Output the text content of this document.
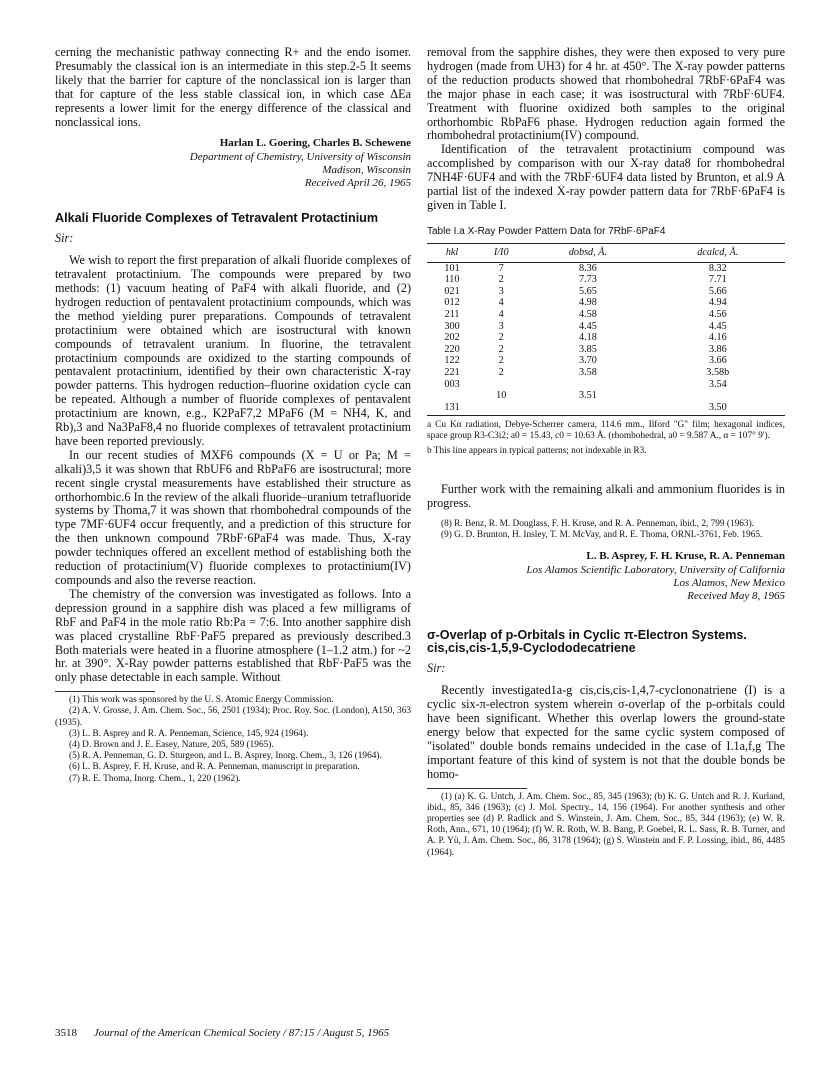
cerning the mechanistic pathway connecting R+ and the endo isomer. Presumably the classical ion is an intermediate in this step.2-5 It seems likely that the barrier for capture of the nonclassical ion is larger than that for capture of the less stable classical ion, in which case ΔEa represents a lower limit for the energy difference of the classical and nonclassical ions.

Harlan L. Goering, Charles B. Schewene
Department of Chemistry, University of Wisconsin
Madison, Wisconsin
Received April 26, 1965
Alkali Fluoride Complexes of Tetravalent Protactinium
Sir:

We wish to report the first preparation of alkali fluoride complexes of tetravalent protactinium. The compounds were prepared by two methods: (1) vacuum heating of PaF4 with alkali fluoride, and (2) hydrogen reduction of pentavalent protactinium compounds, which was the method yielding purer preparations. Compounds of tetravalent protactinium were obtained which are isostructural with known compounds of tetravalent uranium. In fluorine, the tetravalent protactinium compounds are oxidized to the starting compounds of pentavalent protactinium, identified by their own characteristic X-ray powder patterns. This hydrogen reduction–fluorine oxidation cycle can be repeated. Although a number of fluoride complexes of pentavalent protactinium are known, e.g., K2PaF7,2 MPaF6 (M = NH4, K, and Rb),3 and Na3PaF8,4 no fluoride complexes of tetravalent protactinium have been reported previously.

In our recent studies of MXF6 compounds (X = U or Pa; M = alkali)3,5 it was shown that RbUF6 and RbPaF6 are isostructural; more recent single crystal measurements have established their structure as orthorhombic.6 In the review of the alkali fluoride–uranium tetrafluoride systems by Thoma,7 it was shown that rhombohedral compounds of the type 7MF·6UF4 occur frequently, and a prediction of this structure for the then unknown compound 7RbF·6PaF4 was made. Thus, X-ray powder techniques offered an excellent method of establishing both the reduction of protactinium(V) fluoride complexes to protactinium(IV) compounds and also the reverse reaction.

The chemistry of the conversion was investigated as follows. Into a depression ground in a sapphire dish was placed a few milligrams of RbF and PaF4 in the mole ratio Rb:Pa = 7:6. Into another sapphire dish was placed crystalline RbF·PaF5 prepared as previously described.3 Both materials were heated in a fluorine atmosphere (1–1.2 atm.) for ~2 hr. at 390°. X-Ray powder patterns established that RbF·PaF5 was the only phase detectable in each sample. Without

(1) This work was sponsored by the U. S. Atomic Energy Commission.
(2) A. V. Grosse, J. Am. Chem. Soc., 56, 2501 (1934); Proc. Roy. Soc. (London), A150, 363 (1935).
(3) L. B. Asprey and R. A. Penneman, Science, 145, 924 (1964).
(4) D. Brown and J. E. Easey, Nature, 205, 589 (1965).
(5) R. A. Penneman, G. D. Sturgeon, and L. B. Asprey, Inorg. Chem., 3, 126 (1964).
(6) L. B. Asprey, F. H. Kruse, and R. A. Penneman, manuscript in preparation.
(7) R. E. Thoma, Inorg. Chem., 1, 220 (1962).

removal from the sapphire dishes, they were then exposed to very pure hydrogen (made from UH3) for 4 hr. at 450°. The X-ray powder patterns of the reduction products showed that rhombohedral 7RbF·6PaF4 was the major phase in each case; it was isostructural with 7RbF·6UF4. Treatment with fluorine oxidized both samples to the original orthorhombic RbPaF6 phase. Hydrogen reduction again formed the rhombohedral protactinium(IV) compound.

Identification of the tetravalent protactinium compound was accomplished by comparison with our X-ray data8 for rhombohedral 7NH4F·6UF4 and with the 7RbF·6UF4 data listed by Brunton, et al.9 A partial list of the indexed X-ray powder pattern data for 7RbF·6PaF4 is given in Table I.

Table I.a X-Ray Powder Pattern Data for 7RbF·6PaF4
hkl	I/I0	dobsd, Å.	dcalcd, Å.
101	7	8.36	8.32
110	2	7.73	7.71
021	3	5.65	5.66
012	4	4.98	4.94
211	4	4.58	4.56
300	3	4.45	4.45
202	2	4.18	4.16
220	2	3.85	3.86
122	2	3.70	3.66
221	2	3.58	3.58b
003			3.54
	10	3.51	
131			3.50
a Cu Kα radiation, Debye-Scherrer camera, 114.6 mm., Ilford "G" film; hexagonal indices, space group R3-C3i2; a0 = 15.43, c0 = 10.63 Å. (rhombohedral, a0 = 9.587 A., α = 107° 9').
b This line appears in typical patterns; not indexable in R3.

Further work with the remaining alkali and ammonium fluorides is in progress.

(8) R. Benz, R. M. Douglass, F. H. Kruse, and R. A. Penneman, ibid., 2, 799 (1963).
(9) G. D. Brunton, H. Insley, T. M. McVay, and R. E. Thoma, ORNL-3761, Feb. 1965.
L. B. Asprey, F. H. Kruse, R. A. Penneman
Los Alamos Scientific Laboratory, University of California
Los Alamos, New Mexico
Received May 8, 1965
σ-Overlap of p-Orbitals in Cyclic π-Electron Systems. cis,cis,cis-1,5,9-Cyclododecatriene
Sir:

Recently investigated1a-g cis,cis,cis-1,4,7-cyclononatriene (I) is a cyclic six-π-electron system wherein σ-overlap of the p-orbitals could have been significant. Whether this overlap lowers the ground-state energy below that expected for the same cyclic system composed of "isolated" double bonds remains undecided in the case of I.1a,f,g The important feature of this kind of system is not that the double bonds be homo-

(1) (a) K. G. Untch, J. Am. Chem. Soc., 85, 345 (1963); (b) K. G. Untch and R. J. Kurland, ibid., 85, 346 (1963); (c) J. Mol. Spectry., 14, 156 (1964). For another synthesis and other properties see (d) P. Radlick and S. Winstein, J. Am. Chem. Soc., 85, 344 (1963); (e) W. R. Roth, Ann., 671, 10 (1964); (f) W. R. Roth, W. B. Bang, P. Goebel, R. L. Sass, R. B. Turner, and A. P. Yü, J. Am. Chem. Soc., 86, 3178 (1964); (g) S. Winstein and F. P. Lossing, ibid., 86, 4485 (1964).
3518 Journal of the American Chemical Society / 87:15 / August 5, 1965
